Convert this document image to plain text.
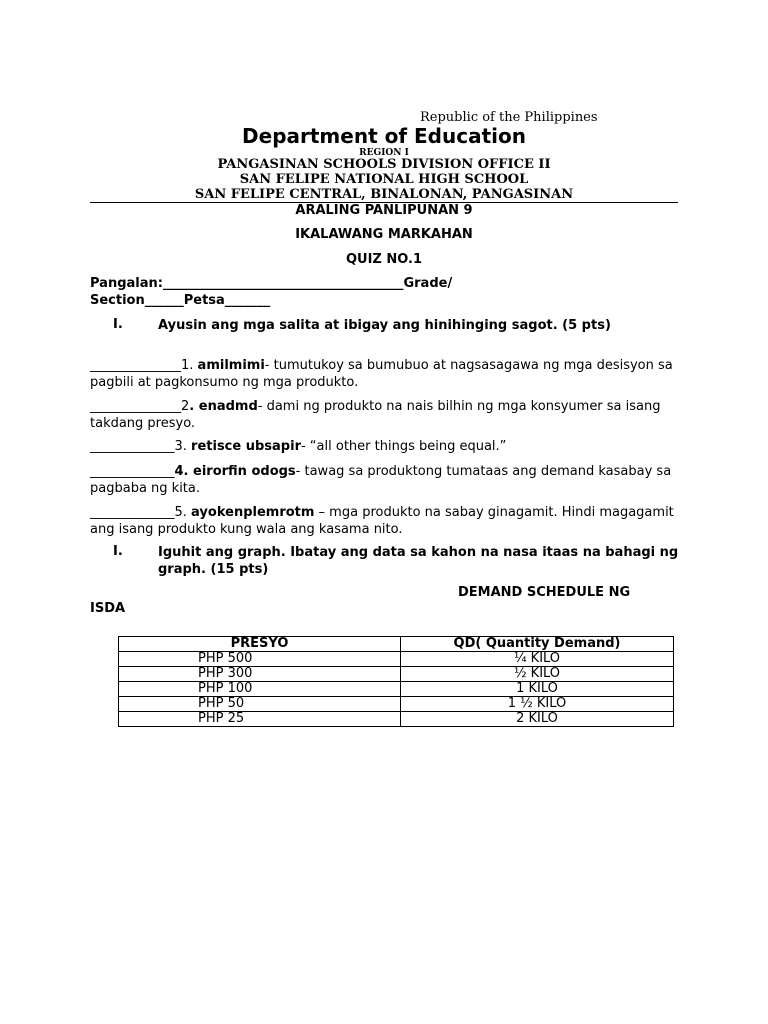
Republic of the Philippines
Department of Education
REGION I
PANGASINAN SCHOOLS DIVISION OFFICE II
SAN FELIPE NATIONAL HIGH SCHOOL
SAN FELIPE CENTRAL, BINALONAN, PANGASINAN
ARALING PANLIPUNAN 9
IKALAWANG MARKAHAN
QUIZ NO.1
Pangalan:_____________________________________Grade/
Section______Petsa_______
I.	Ayusin ang mga salita at ibigay ang hinihinging sagot. (5 pts)
______________1. amilmimi- tumutukoy sa bumubuo at nagsasagawa ng mga desisyon sa pagbili at pagkonsumo ng mga produkto.
______________2. enadmd- dami ng produkto na nais bilhin ng mga konsyumer sa isang takdang presyo.
_____________3. retisce ubsapir- “all other things being equal.”
_____________4. eirorfin odogs- tawag sa produktong tumataas ang demand kasabay sa pagbaba ng kita.
_____________5. ayokenplemrotm – mga produkto na sabay ginagamit. Hindi magagamit ang isang produkto kung wala ang kasama nito.
I.	Iguhit ang graph. Ibatay ang data sa kahon na nasa itaas na bahagi ng graph. (15 pts)
DEMAND SCHEDULE NG
ISDA
PRESYO	QD( Quantity Demand)
PHP 500	¼ KILO
PHP 300	½ KILO
PHP 100	1 KILO
PHP 50	1 ½ KILO
PHP 25	2 KILO
